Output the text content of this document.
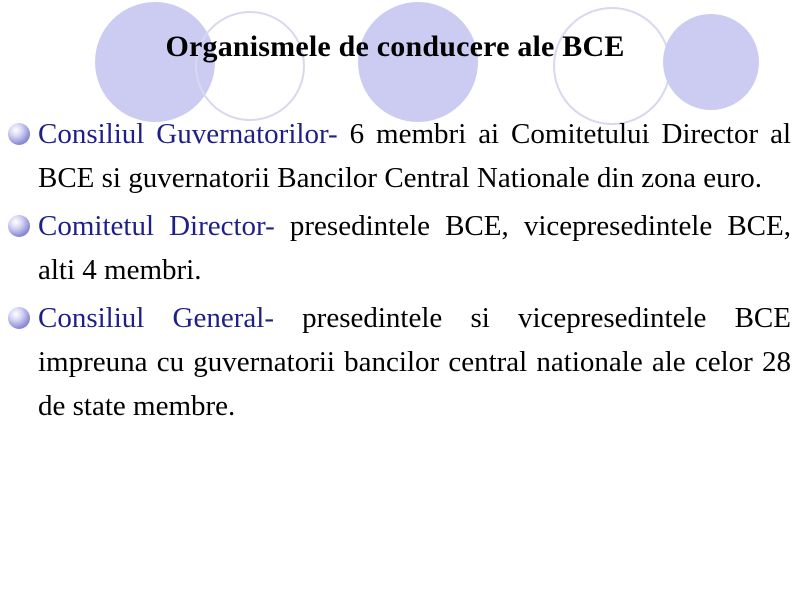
Organismele de conducere ale BCE
Consiliul Guvernatorilor- 6 membri ai Comitetului Director al BCE si guvernatorii Bancilor Central Nationale din zona euro.
Comitetul Director- presedintele BCE, vicepresedintele BCE, alti 4 membri.
Consiliul General- presedintele si vicepresedintele BCE impreuna cu guvernatorii bancilor central nationale ale celor 28 de state membre.
